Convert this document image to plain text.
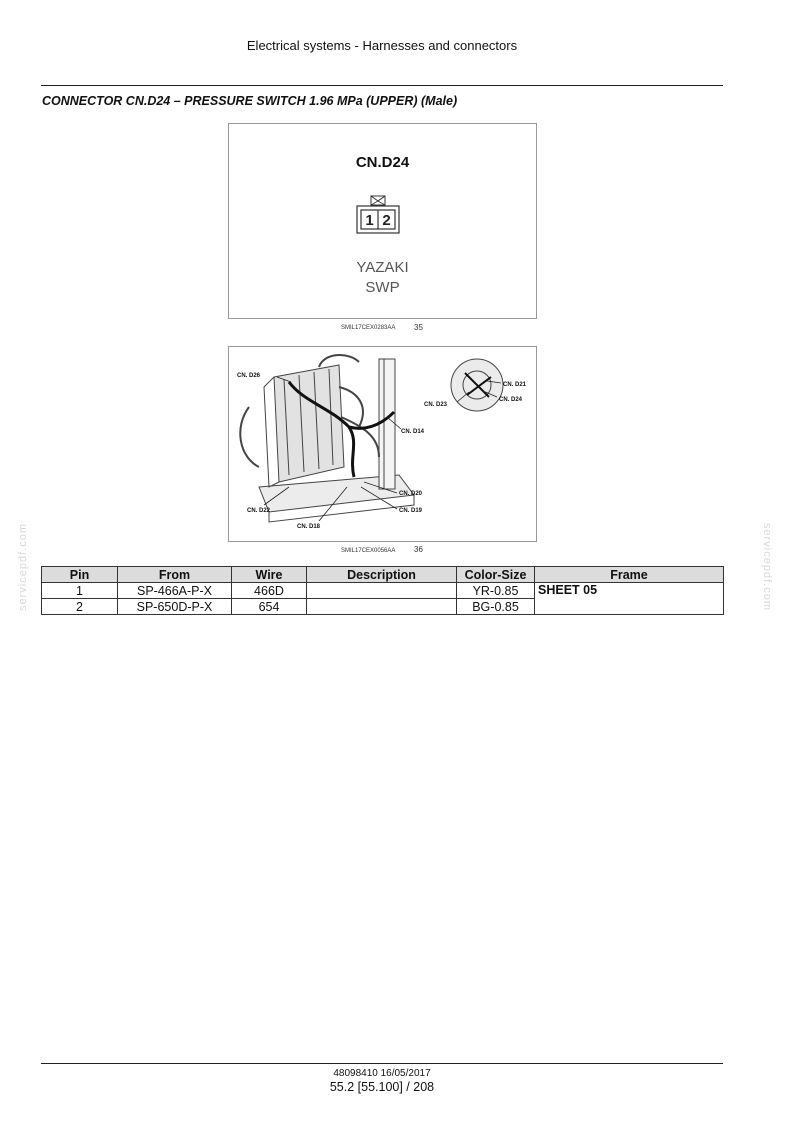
Electrical systems - Harnesses and connectors
CONNECTOR CN.D24 – PRESSURE SWITCH 1.96 MPa (UPPER) (Male)
CN.D24
1 2
YAZAKI
SWP
SMIL17CEX0283AA 35
CN. D26
CN. D14
CN. D20
CN. D19
CN. D22
CN. D18
CN. D21
CN. D23
CN. D24
SMIL17CEX0056AA 36
servicepdf.com	servicepdf.com
Pin	From	Wire	Description	Color-Size	Frame
1	SP-466A-P-X	466D		YR-0.85	SHEET 05
2	SP-650D-P-X	654		BG-0.85	
48098410 16/05/2017
55.2 [55.100] / 208
